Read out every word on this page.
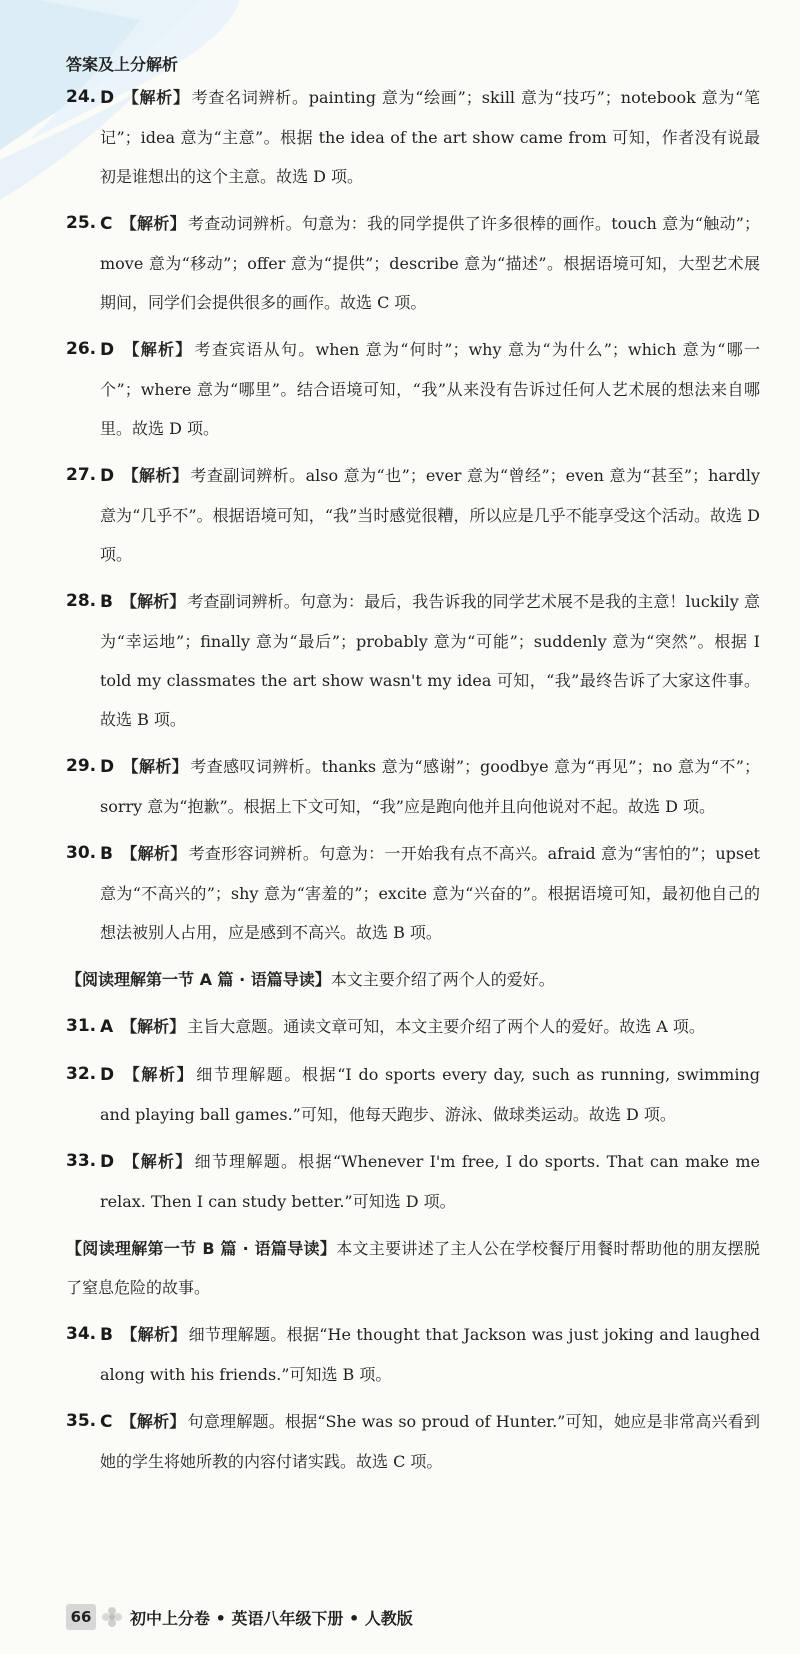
答案及上分解析
24. D 【解析】 考查名词辨析。painting 意为“绘画”；skill 意为“技巧”；notebook 意为“笔记”；idea 意为“主意”。根据 the idea of the art show came from 可知，作者没有说最初是谁想出的这个主意。故选 D 项。
25. C 【解析】 考查动词辨析。句意为：我的同学提供了许多很棒的画作。touch 意为“触动”；move 意为“移动”；offer 意为“提供”；describe 意为“描述”。根据语境可知，大型艺术展期间，同学们会提供很多的画作。故选 C 项。
26. D 【解析】 考查宾语从句。when 意为“何时”；why 意为“为什么”；which 意为“哪一个”；where 意为“哪里”。结合语境可知，“我”从来没有告诉过任何人艺术展的想法来自哪里。故选 D 项。
27. D 【解析】 考查副词辨析。also 意为“也”；ever 意为“曾经”；even 意为“甚至”；hardly 意为“几乎不”。根据语境可知，“我”当时感觉很糟，所以应是几乎不能享受这个活动。故选 D 项。
28. B 【解析】 考查副词辨析。句意为：最后，我告诉我的同学艺术展不是我的主意！luckily 意为“幸运地”；finally 意为“最后”；probably 意为“可能”；suddenly 意为“突然”。根据 I told my classmates the art show wasn't my idea 可知，“我”最终告诉了大家这件事。故选 B 项。
29. D 【解析】 考查感叹词辨析。thanks 意为“感谢”；goodbye 意为“再见”；no 意为“不”；sorry 意为“抱歉”。根据上下文可知，“我”应是跑向他并且向他说对不起。故选 D 项。
30. B 【解析】 考查形容词辨析。句意为：一开始我有点不高兴。afraid 意为“害怕的”；upset 意为“不高兴的”；shy 意为“害羞的”；excite 意为“兴奋的”。根据语境可知，最初他自己的想法被别人占用，应是感到不高兴。故选 B 项。
【阅读理解第一节 A 篇 · 语篇导读】本文主要介绍了两个人的爱好。
31. A 【解析】 主旨大意题。通读文章可知，本文主要介绍了两个人的爱好。故选 A 项。
32. D 【解析】 细节理解题。根据“I do sports every day, such as running, swimming and playing ball games.”可知，他每天跑步、游泳、做球类运动。故选 D 项。
33. D 【解析】 细节理解题。根据“Whenever I'm free, I do sports. That can make me relax. Then I can study better.”可知选 D 项。
【阅读理解第一节 B 篇 · 语篇导读】本文主要讲述了主人公在学校餐厅用餐时帮助他的朋友摆脱了窒息危险的故事。
34. B 【解析】 细节理解题。根据“He thought that Jackson was just joking and laughed along with his friends.”可知选 B 项。
35. C 【解析】 句意理解题。根据“She was so proud of Hunter.”可知，她应是非常高兴看到她的学生将她所教的内容付诸实践。故选 C 项。
66 初中上分卷 • 英语八年级下册 • 人教版
